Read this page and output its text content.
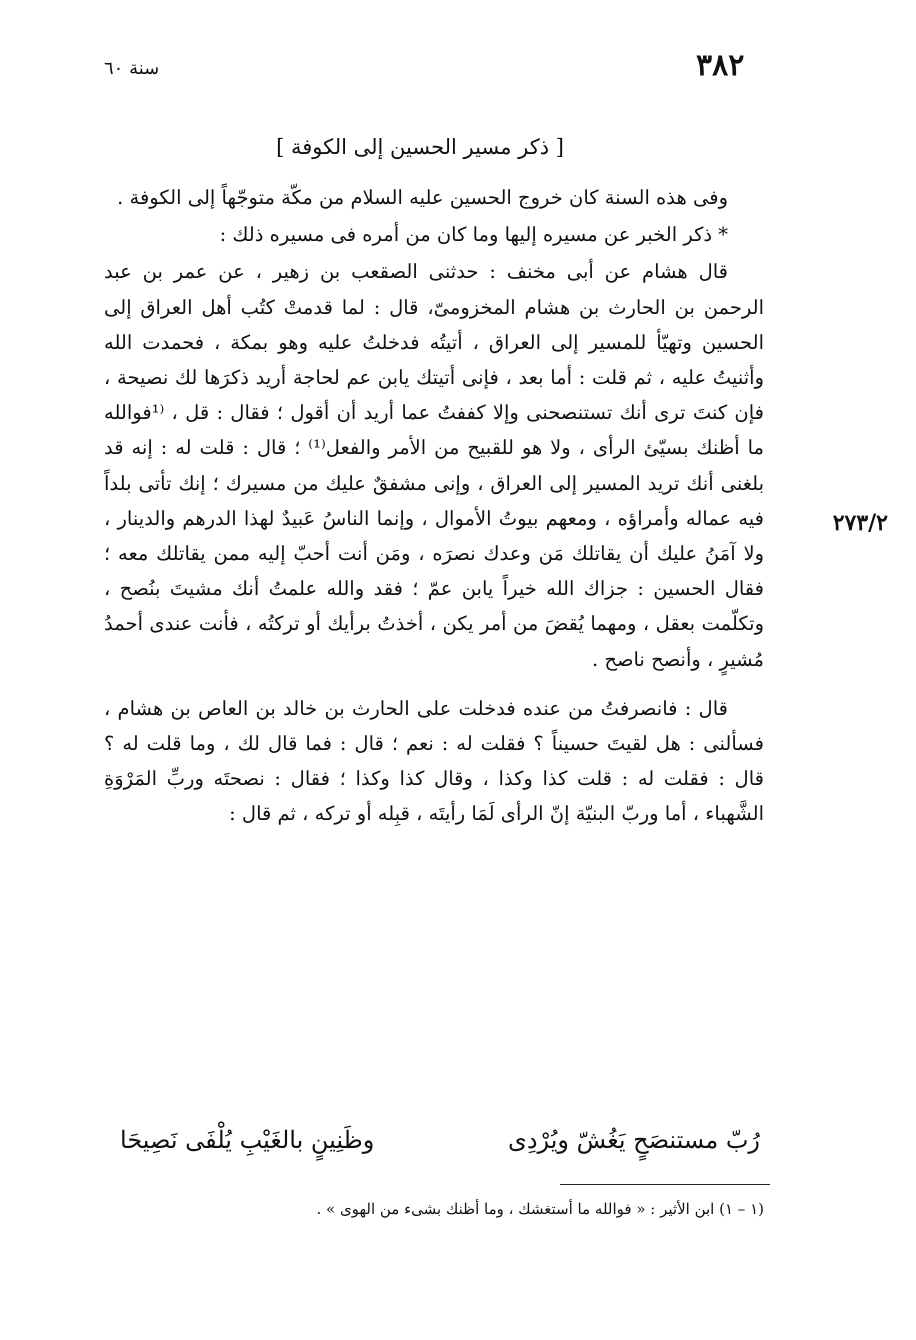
٣٨٢
سنة ٦٠
[ ذكر مسير الحسين إلى الكوفة ]
٢٧٣/٢

وفى هذه السنة كان خروج الحسين عليه السلام من مكّة متوجّهاً إلى الكوفة .

* ذكر الخبر عن مسيره إليها وما كان من أمره فى مسيره ذلك :

قال هشام عن أبى مخنف : حدثنى الصقعب بن زهير ، عن عمر بن عبد الرحمن بن الحارث بن هشام المخزومىّ، قال : لما قدمتْ كتُب أهل العراق إلى الحسين وتهيّأ للمسير إلى العراق ، أتيتُه فدخلتُ عليه وهو بمكة ، فحمدت الله وأثنيتُ عليه ، ثم قلت : أما بعد ، فإنى أتيتك يابن عم لحاجة أريد ذكرَها لك نصيحة ، فإن كنتَ ترى أنك تستنصحنى وإلا كففتُ عما أريد أن أقول ؛ فقال : قل ، ⁽¹فوالله ما أظنك بسيّئ الرأى ، ولا هو للقبيح من الأمر والفعل⁽¹⁾ ؛ قال : قلت له : إنه قد بلغنى أنك تريد المسير إلى العراق ، وإنى مشفقٌ عليك من مسيرك ؛ إنك تأتى بلداً فيه عماله وأمراؤه ، ومعهم بيوتُ الأموال ، وإنما الناسُ عَبيدٌ لهذا الدرهم والدينار ، ولا آمَنُ عليك أن يقاتلك مَن وعدك نصرَه ، ومَن أنت أحبّ إليه ممن يقاتلك معه ؛ فقال الحسين : جزاك الله خيراً يابن عمّ ؛ فقد والله علمتُ أنك مشيتَ بنُصح ، وتكلّمت بعقل ، ومهما يُقضَ من أمر يكن ، أخذتُ برأيك أو تركتُه ، فأنت عندى أحمدُ مُشيرٍ ، وأنصح ناصح .

قال : فانصرفتُ من عنده فدخلت على الحارث بن خالد بن العاص بن هشام ، فسألنى : هل لقيتَ حسيناً ؟ فقلت له : نعم ؛ قال : فما قال لك ، وما قلت له ؟ قال : فقلت له : قلت كذا وكذا ، وقال كذا وكذا ؛ فقال : نصحتَه وربِّ المَرْوَةِ الشَّهباء ، أما وربّ البنيّة إنّ الرأى لَمَا رأيتَه ، قبِله أو تركه ، ثم قال :

رُبّ مستنصَحٍ يَغُشّ ويُرْدِى
وظَنِينٍ بالغَيْبِ يُلْفَى نَصِيحَا
(١ – ١) ابن الأثير : « فوالله ما أستغشك ، وما أظنك بشىء من الهوى » .
